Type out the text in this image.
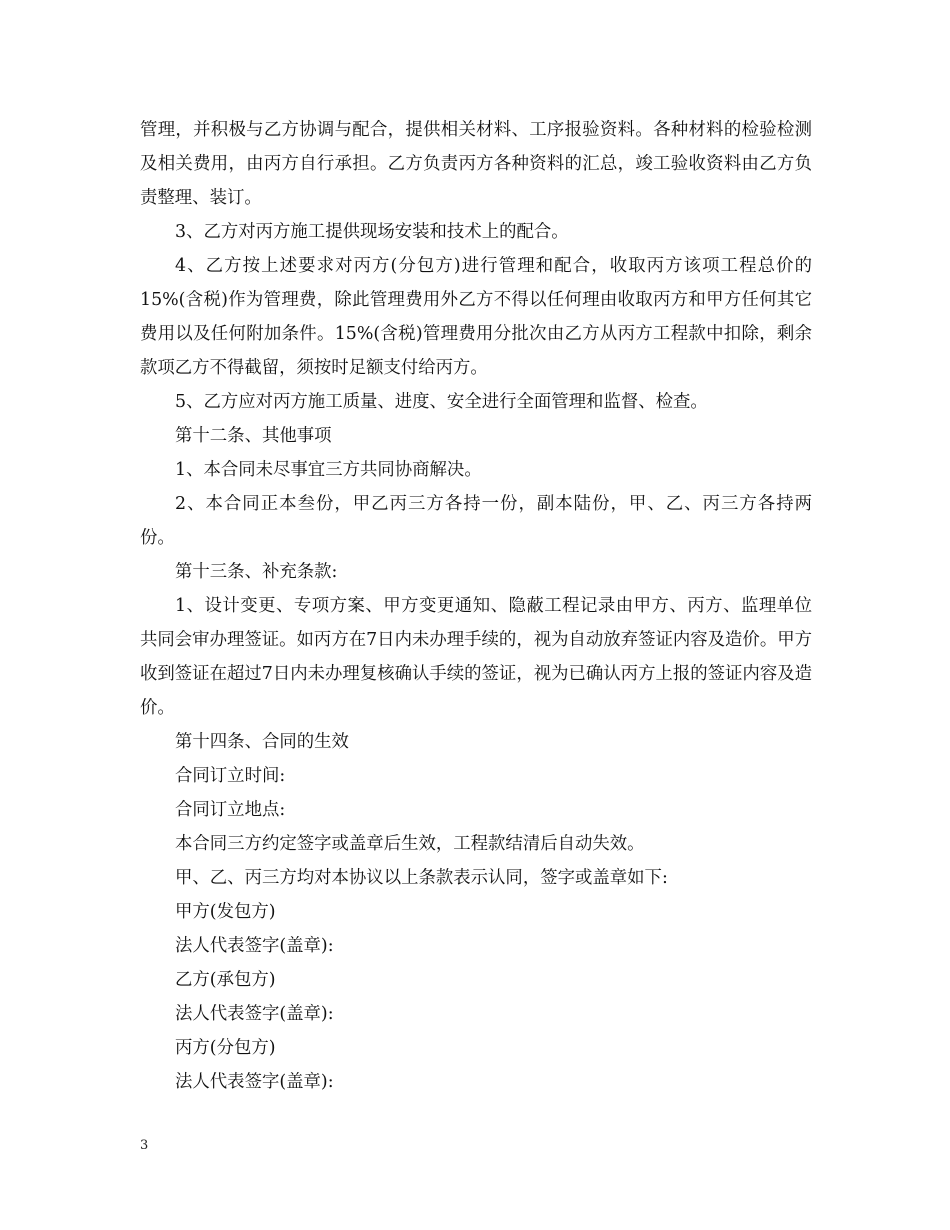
管理，并积极与乙方协调与配合，提供相关材料、工序报验资料。各种材料的检验检测及相关费用，由丙方自行承担。乙方负责丙方各种资料的汇总，竣工验收资料由乙方负责整理、装订。

3、乙方对丙方施工提供现场安装和技术上的配合。

4、乙方按上述要求对丙方(分包方)进行管理和配合，收取丙方该项工程总价的15%(含税)作为管理费，除此管理费用外乙方不得以任何理由收取丙方和甲方任何其它费用以及任何附加条件。15%(含税)管理费用分批次由乙方从丙方工程款中扣除，剩余款项乙方不得截留，须按时足额支付给丙方。

5、乙方应对丙方施工质量、进度、安全进行全面管理和监督、检查。

第十二条、其他事项

1、本合同未尽事宜三方共同协商解决。

2、本合同正本叁份，甲乙丙三方各持一份，副本陆份，甲、乙、丙三方各持两份。

第十三条、补充条款:

1、设计变更、专项方案、甲方变更通知、隐蔽工程记录由甲方、丙方、监理单位共同会审办理签证。如丙方在7日内未办理手续的，视为自动放弃签证内容及造价。甲方收到签证在超过7日内未办理复核确认手续的签证，视为已确认丙方上报的签证内容及造价。

第十四条、合同的生效

合同订立时间:

合同订立地点:

本合同三方约定签字或盖章后生效，工程款结清后自动失效。

甲、乙、丙三方均对本协议以上条款表示认同，签字或盖章如下:

甲方(发包方)

法人代表签字(盖章):

乙方(承包方)

法人代表签字(盖章):

丙方(分包方)

法人代表签字(盖章):

3
